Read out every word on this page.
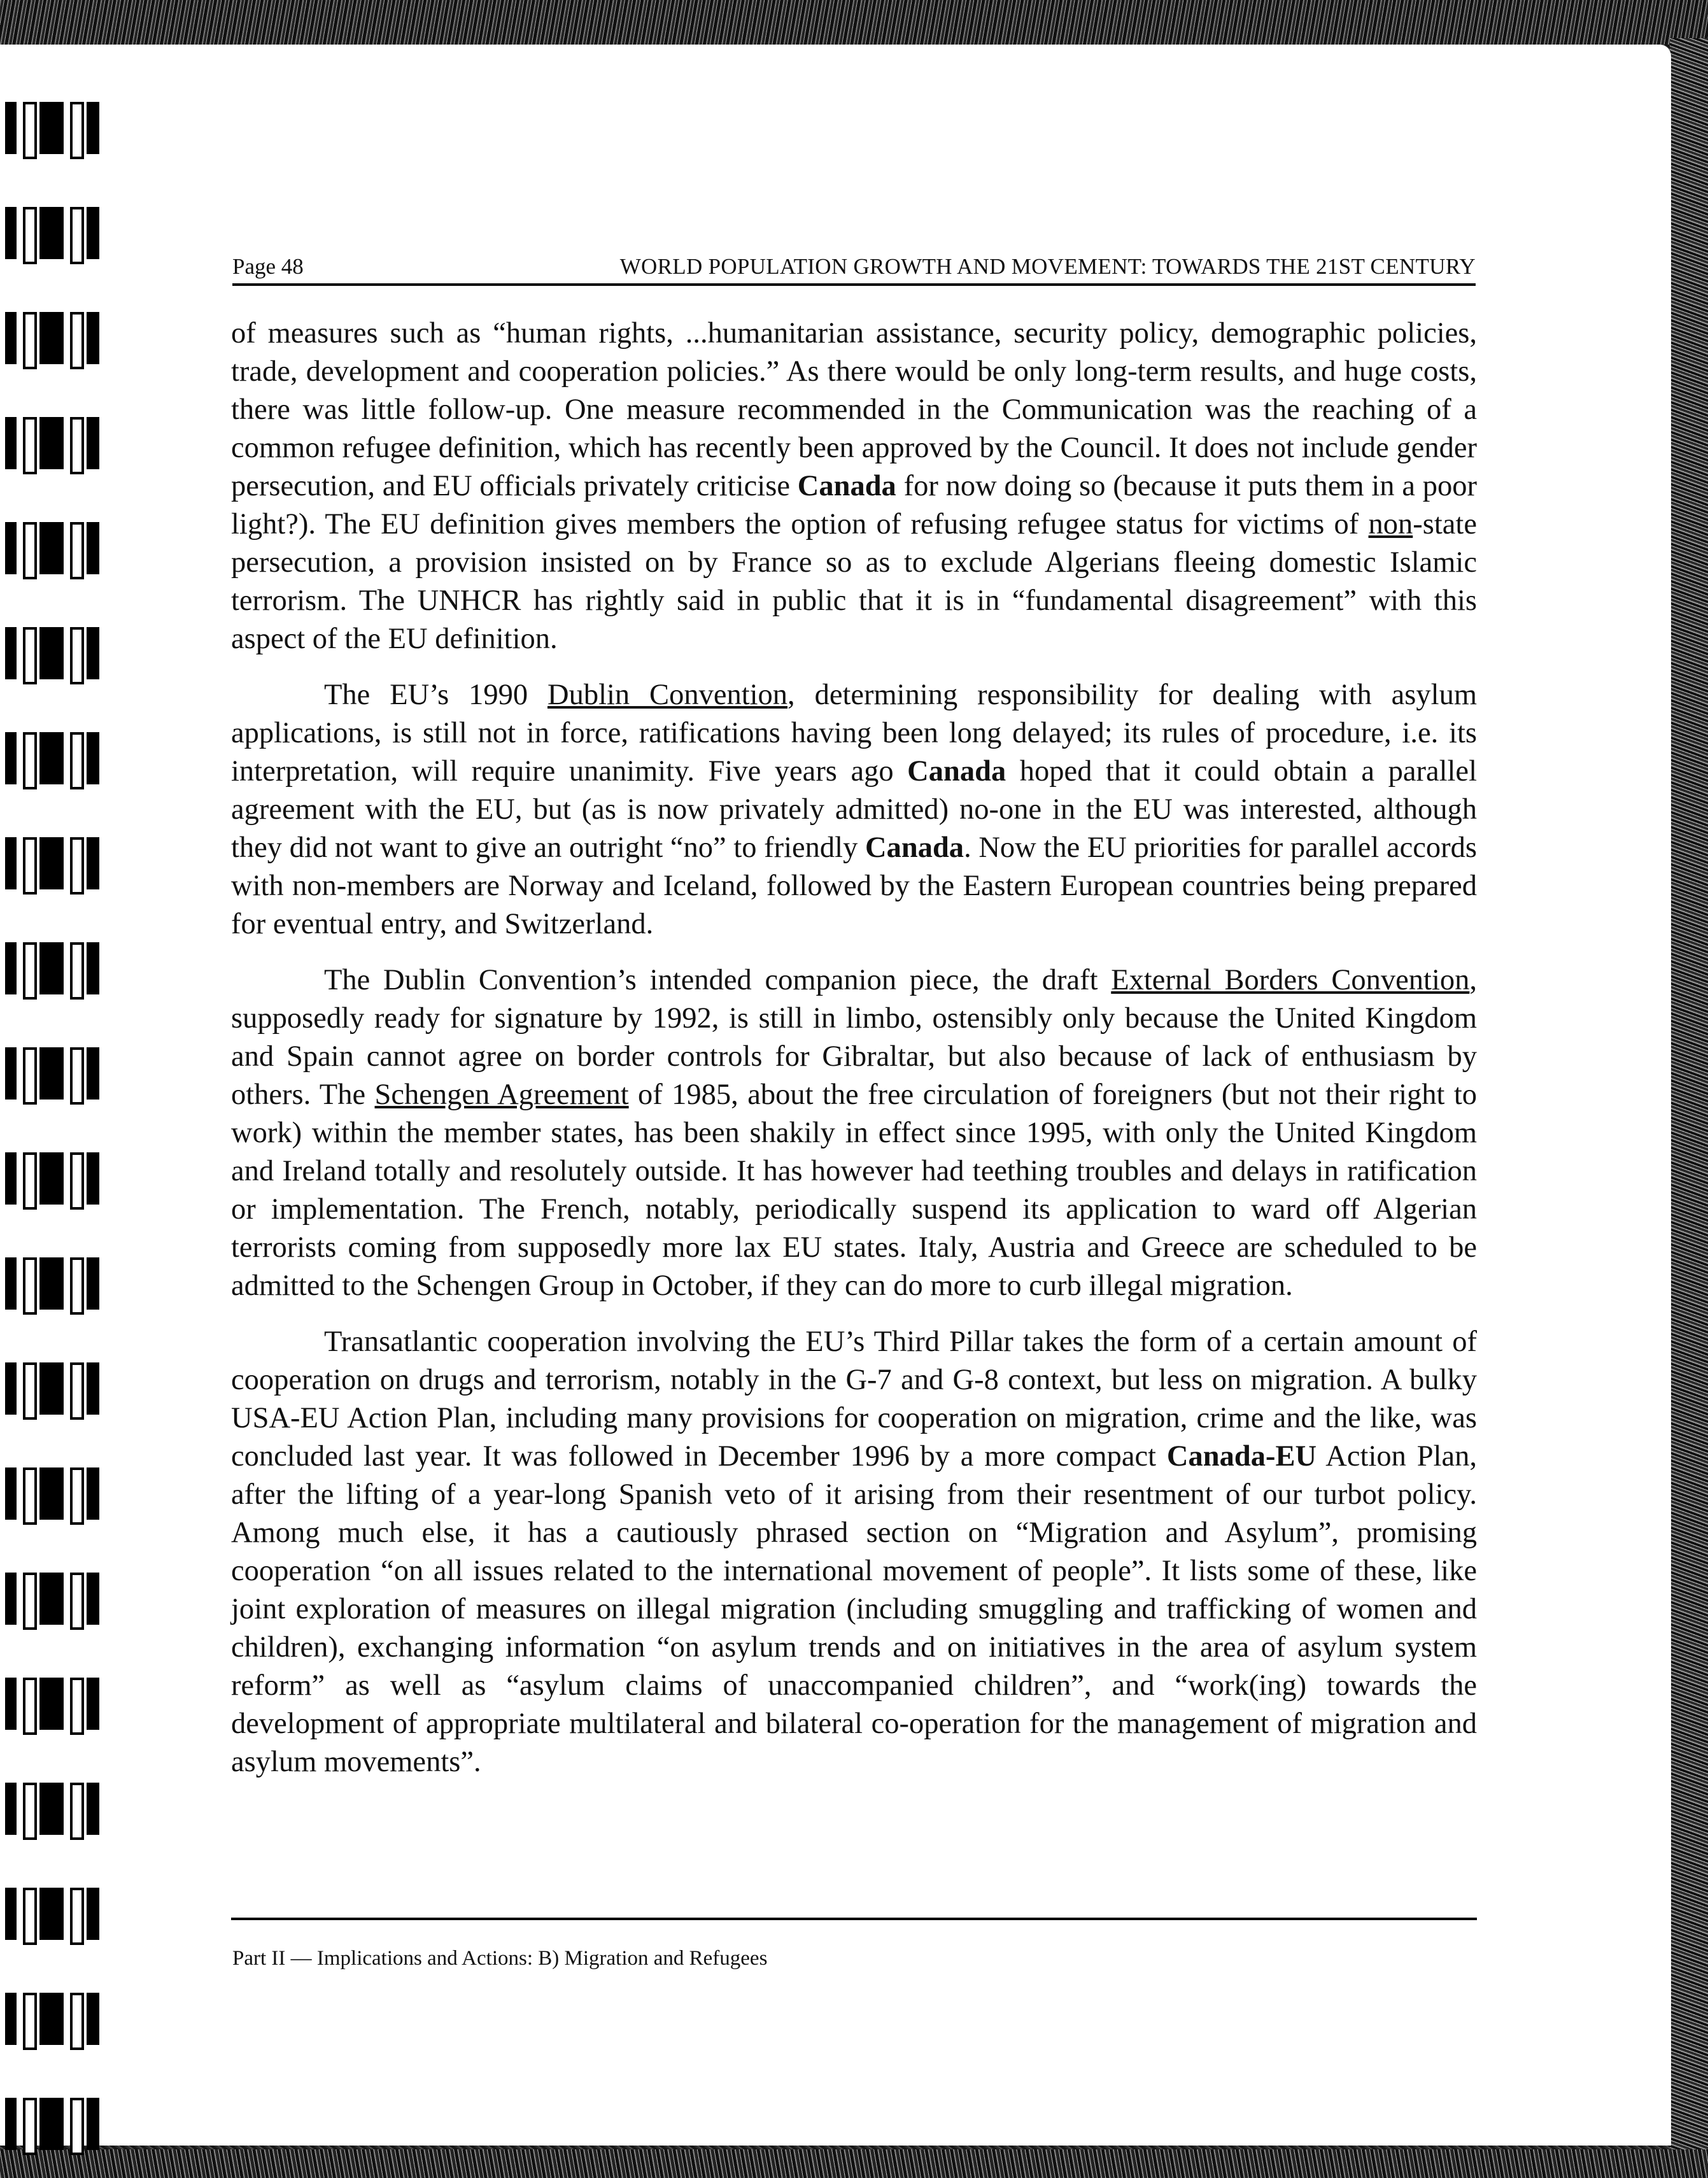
Page 48	WORLD POPULATION GROWTH AND MOVEMENT: TOWARDS THE 21ST CENTURY

of measures such as “human rights, ...humanitarian assistance, security policy, demographic policies, trade, development and cooperation policies.” As there would be only long-term results, and huge costs, there was little follow-up. One measure recommended in the Communication was the reaching of a common refugee definition, which has recently been approved by the Council. It does not include gender persecution, and EU officials privately criticise Canada for now doing so (because it puts them in a poor light?). The EU definition gives members the option of refusing refugee status for victims of non-state persecution, a provision insisted on by France so as to exclude Algerians fleeing domestic Islamic terrorism. The UNHCR has rightly said in public that it is in “fundamental disagreement” with this aspect of the EU definition.

The EU’s 1990 Dublin Convention, determining responsibility for dealing with asylum applications, is still not in force, ratifications having been long delayed; its rules of procedure, i.e. its interpretation, will require unanimity. Five years ago Canada hoped that it could obtain a parallel agreement with the EU, but (as is now privately admitted) no-one in the EU was interested, although they did not want to give an outright “no” to friendly Canada. Now the EU priorities for parallel accords with non-members are Norway and Iceland, followed by the Eastern European countries being prepared for eventual entry, and Switzerland.

The Dublin Convention’s intended companion piece, the draft External Borders Convention, supposedly ready for signature by 1992, is still in limbo, ostensibly only because the United Kingdom and Spain cannot agree on border controls for Gibraltar, but also because of lack of enthusiasm by others. The Schengen Agreement of 1985, about the free circulation of foreigners (but not their right to work) within the member states, has been shakily in effect since 1995, with only the United Kingdom and Ireland totally and resolutely outside. It has however had teething troubles and delays in ratification or implementation. The French, notably, periodically suspend its application to ward off Algerian terrorists coming from supposedly more lax EU states. Italy, Austria and Greece are scheduled to be admitted to the Schengen Group in October, if they can do more to curb illegal migration.

Transatlantic cooperation involving the EU’s Third Pillar takes the form of a certain amount of cooperation on drugs and terrorism, notably in the G-7 and G-8 context, but less on migration. A bulky USA-EU Action Plan, including many provisions for cooperation on migration, crime and the like, was concluded last year. It was followed in December 1996 by a more compact Canada-EU Action Plan, after the lifting of a year-long Spanish veto of it arising from their resentment of our turbot policy. Among much else, it has a cautiously phrased section on “Migration and Asylum”, promising cooperation “on all issues related to the international movement of people”. It lists some of these, like joint exploration of measures on illegal migration (including smuggling and trafficking of women and children), exchanging information “on asylum trends and on initiatives in the area of asylum system reform” as well as “asylum claims of unaccompanied children”, and “work(ing) towards the development of appropriate multilateral and bilateral co-operation for the management of migration and asylum movements”.

Part II — Implications and Actions: B) Migration and Refugees
